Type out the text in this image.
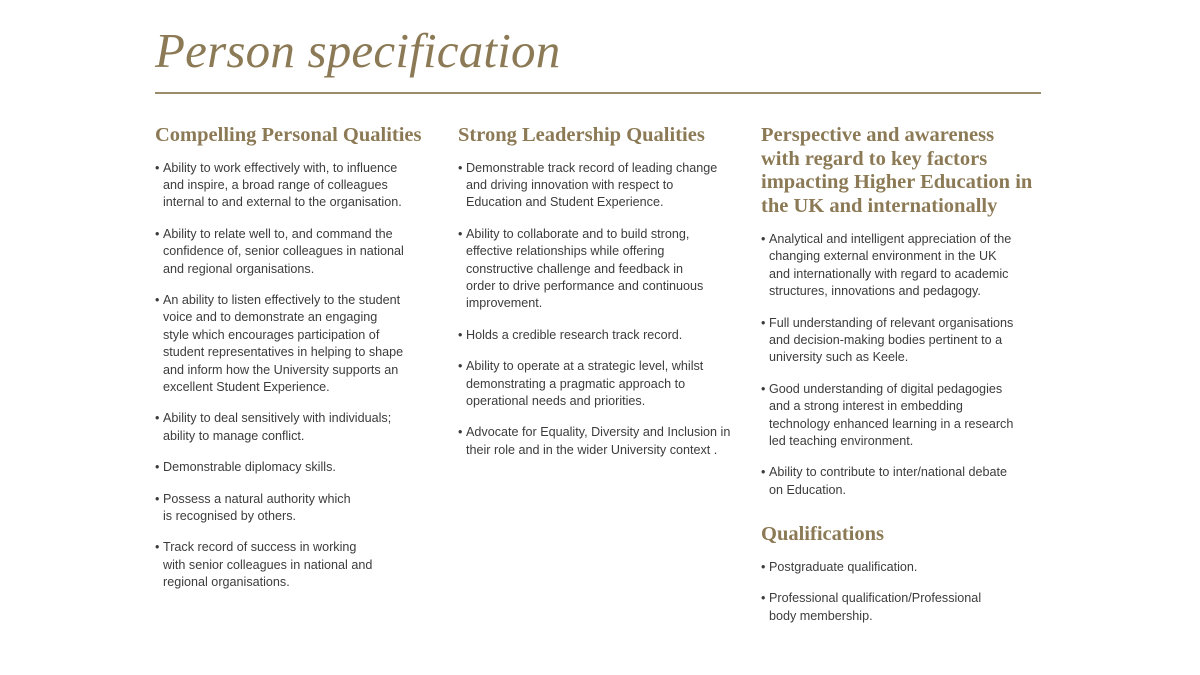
Person specification
Compelling Personal Qualities
• Ability to work effectively with, to influence
and inspire, a broad range of colleagues
internal to and external to the organisation.
• Ability to relate well to, and command the
confidence of, senior colleagues in national
and regional organisations.
• An ability to listen effectively to the student
voice and to demonstrate an engaging
style which encourages participation of
student representatives in helping to shape
and inform how the University supports an
excellent Student Experience.
• Ability to deal sensitively with individuals;
ability to manage conflict.
• Demonstrable diplomacy skills.
• Possess a natural authority which
is recognised by others.
• Track record of success in working
with senior colleagues in national and
regional organisations.
Strong Leadership Qualities
• Demonstrable track record of leading change
and driving innovation with respect to
Education and Student Experience.
• Ability to collaborate and to build strong,
effective relationships while offering
constructive challenge and feedback in
order to drive performance and continuous
improvement.
• Holds a credible research track record.
• Ability to operate at a strategic level, whilst
demonstrating a pragmatic approach to
operational needs and priorities.
• Advocate for Equality, Diversity and Inclusion in
their role and in the wider University context .
Perspective and awareness
with regard to key factors
impacting Higher Education in
the UK and internationally
• Analytical and intelligent appreciation of the
changing external environment in the UK
and internationally with regard to academic
structures, innovations and pedagogy.
• Full understanding of relevant organisations
and decision-making bodies pertinent to a
university such as Keele.
• Good understanding of digital pedagogies
and a strong interest in embedding
technology enhanced learning in a research
led teaching environment.
• Ability to contribute to inter/national debate
on Education.
Qualifications
• Postgraduate qualification.
• Professional qualification/Professional
body membership.
